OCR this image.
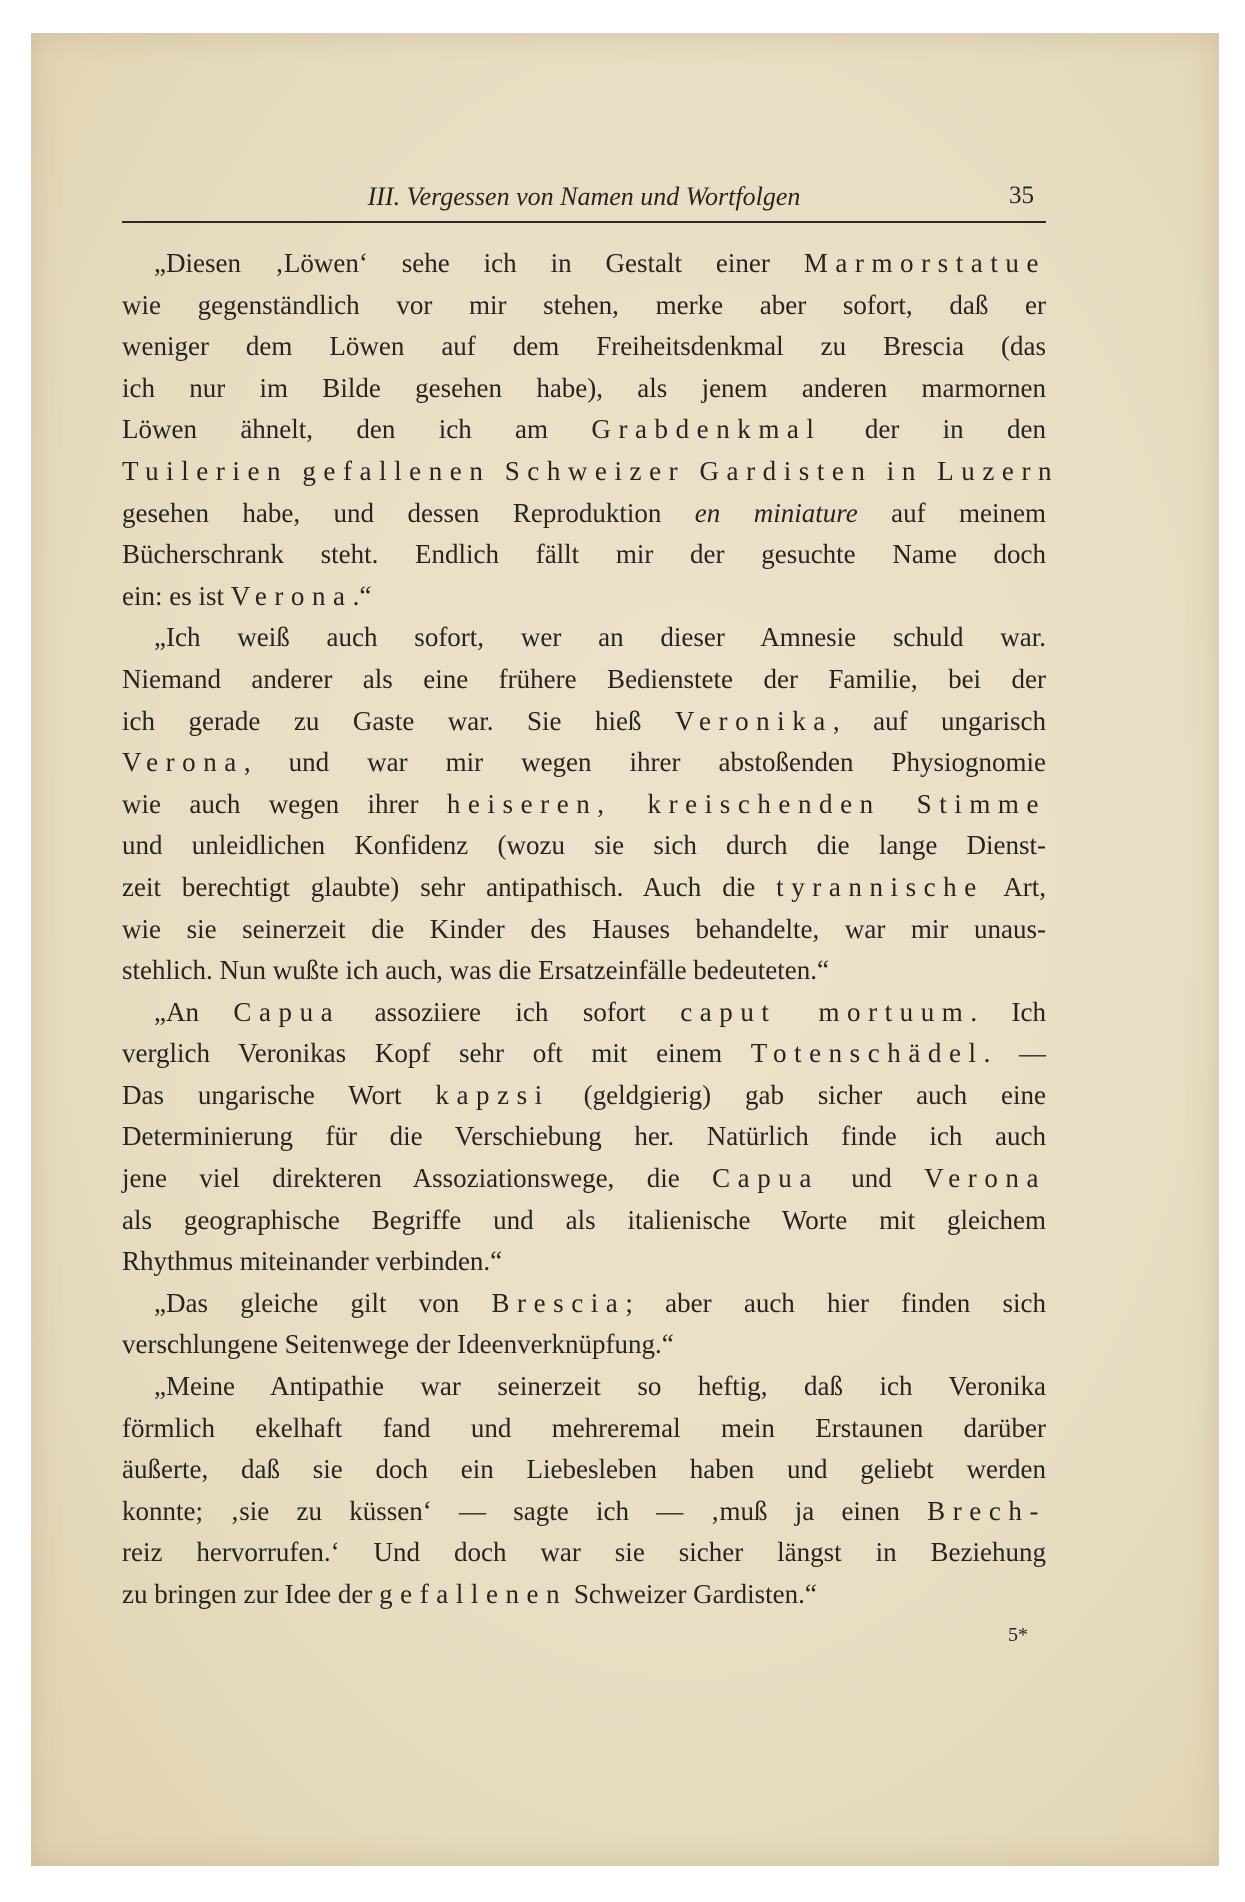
III. Vergessen von Namen und Wortfolgen	35
„Diesen ‚Löwen‘ sehe ich in Gestalt einer Marmorstatue
wie gegenständlich vor mir stehen, merke aber sofort, daß er
weniger dem Löwen auf dem Freiheitsdenkmal zu Brescia (das
ich nur im Bilde gesehen habe), als jenem anderen marmornen
Löwen ähnelt, den ich am Grabdenkmal der in den
Tuilerien gefallenen Schweizer Gardisten in Luzern
gesehen habe, und dessen Reproduktion en miniature auf meinem
Bücherschrank steht. Endlich fällt mir der gesuchte Name doch
ein: es ist Verona.“
„Ich weiß auch sofort, wer an dieser Amnesie schuld war.
Niemand anderer als eine frühere Bedienstete der Familie, bei der
ich gerade zu Gaste war. Sie hieß Veronika, auf ungarisch
Verona, und war mir wegen ihrer abstoßenden Physiognomie
wie auch wegen ihrer heiseren, kreischenden Stimme
und unleidlichen Konfidenz (wozu sie sich durch die lange Dienst-
zeit berechtigt glaubte) sehr antipathisch. Auch die tyrannische Art,
wie sie seinerzeit die Kinder des Hauses behandelte, war mir unaus-
stehlich. Nun wußte ich auch, was die Ersatzeinfälle bedeuteten.“
„An Capua assoziiere ich sofort caput mortuum. Ich
verglich Veronikas Kopf sehr oft mit einem Totenschädel. —
Das ungarische Wort kapzsi (geldgierig) gab sicher auch eine
Determinierung für die Verschiebung her. Natürlich finde ich auch
jene viel direkteren Assoziationswege, die Capua und Verona
als geographische Begriffe und als italienische Worte mit gleichem
Rhythmus miteinander verbinden.“
„Das gleiche gilt von Brescia; aber auch hier finden sich
verschlungene Seitenwege der Ideenverknüpfung.“
„Meine Antipathie war seinerzeit so heftig, daß ich Veronika
förmlich ekelhaft fand und mehreremal mein Erstaunen darüber
äußerte, daß sie doch ein Liebesleben haben und geliebt werden
konnte; ‚sie zu küssen‘ — sagte ich — ‚muß ja einen Brech-
reiz hervorrufen.‘ Und doch war sie sicher längst in Beziehung
zu bringen zur Idee der gefallenen Schweizer Gardisten.“
5*
